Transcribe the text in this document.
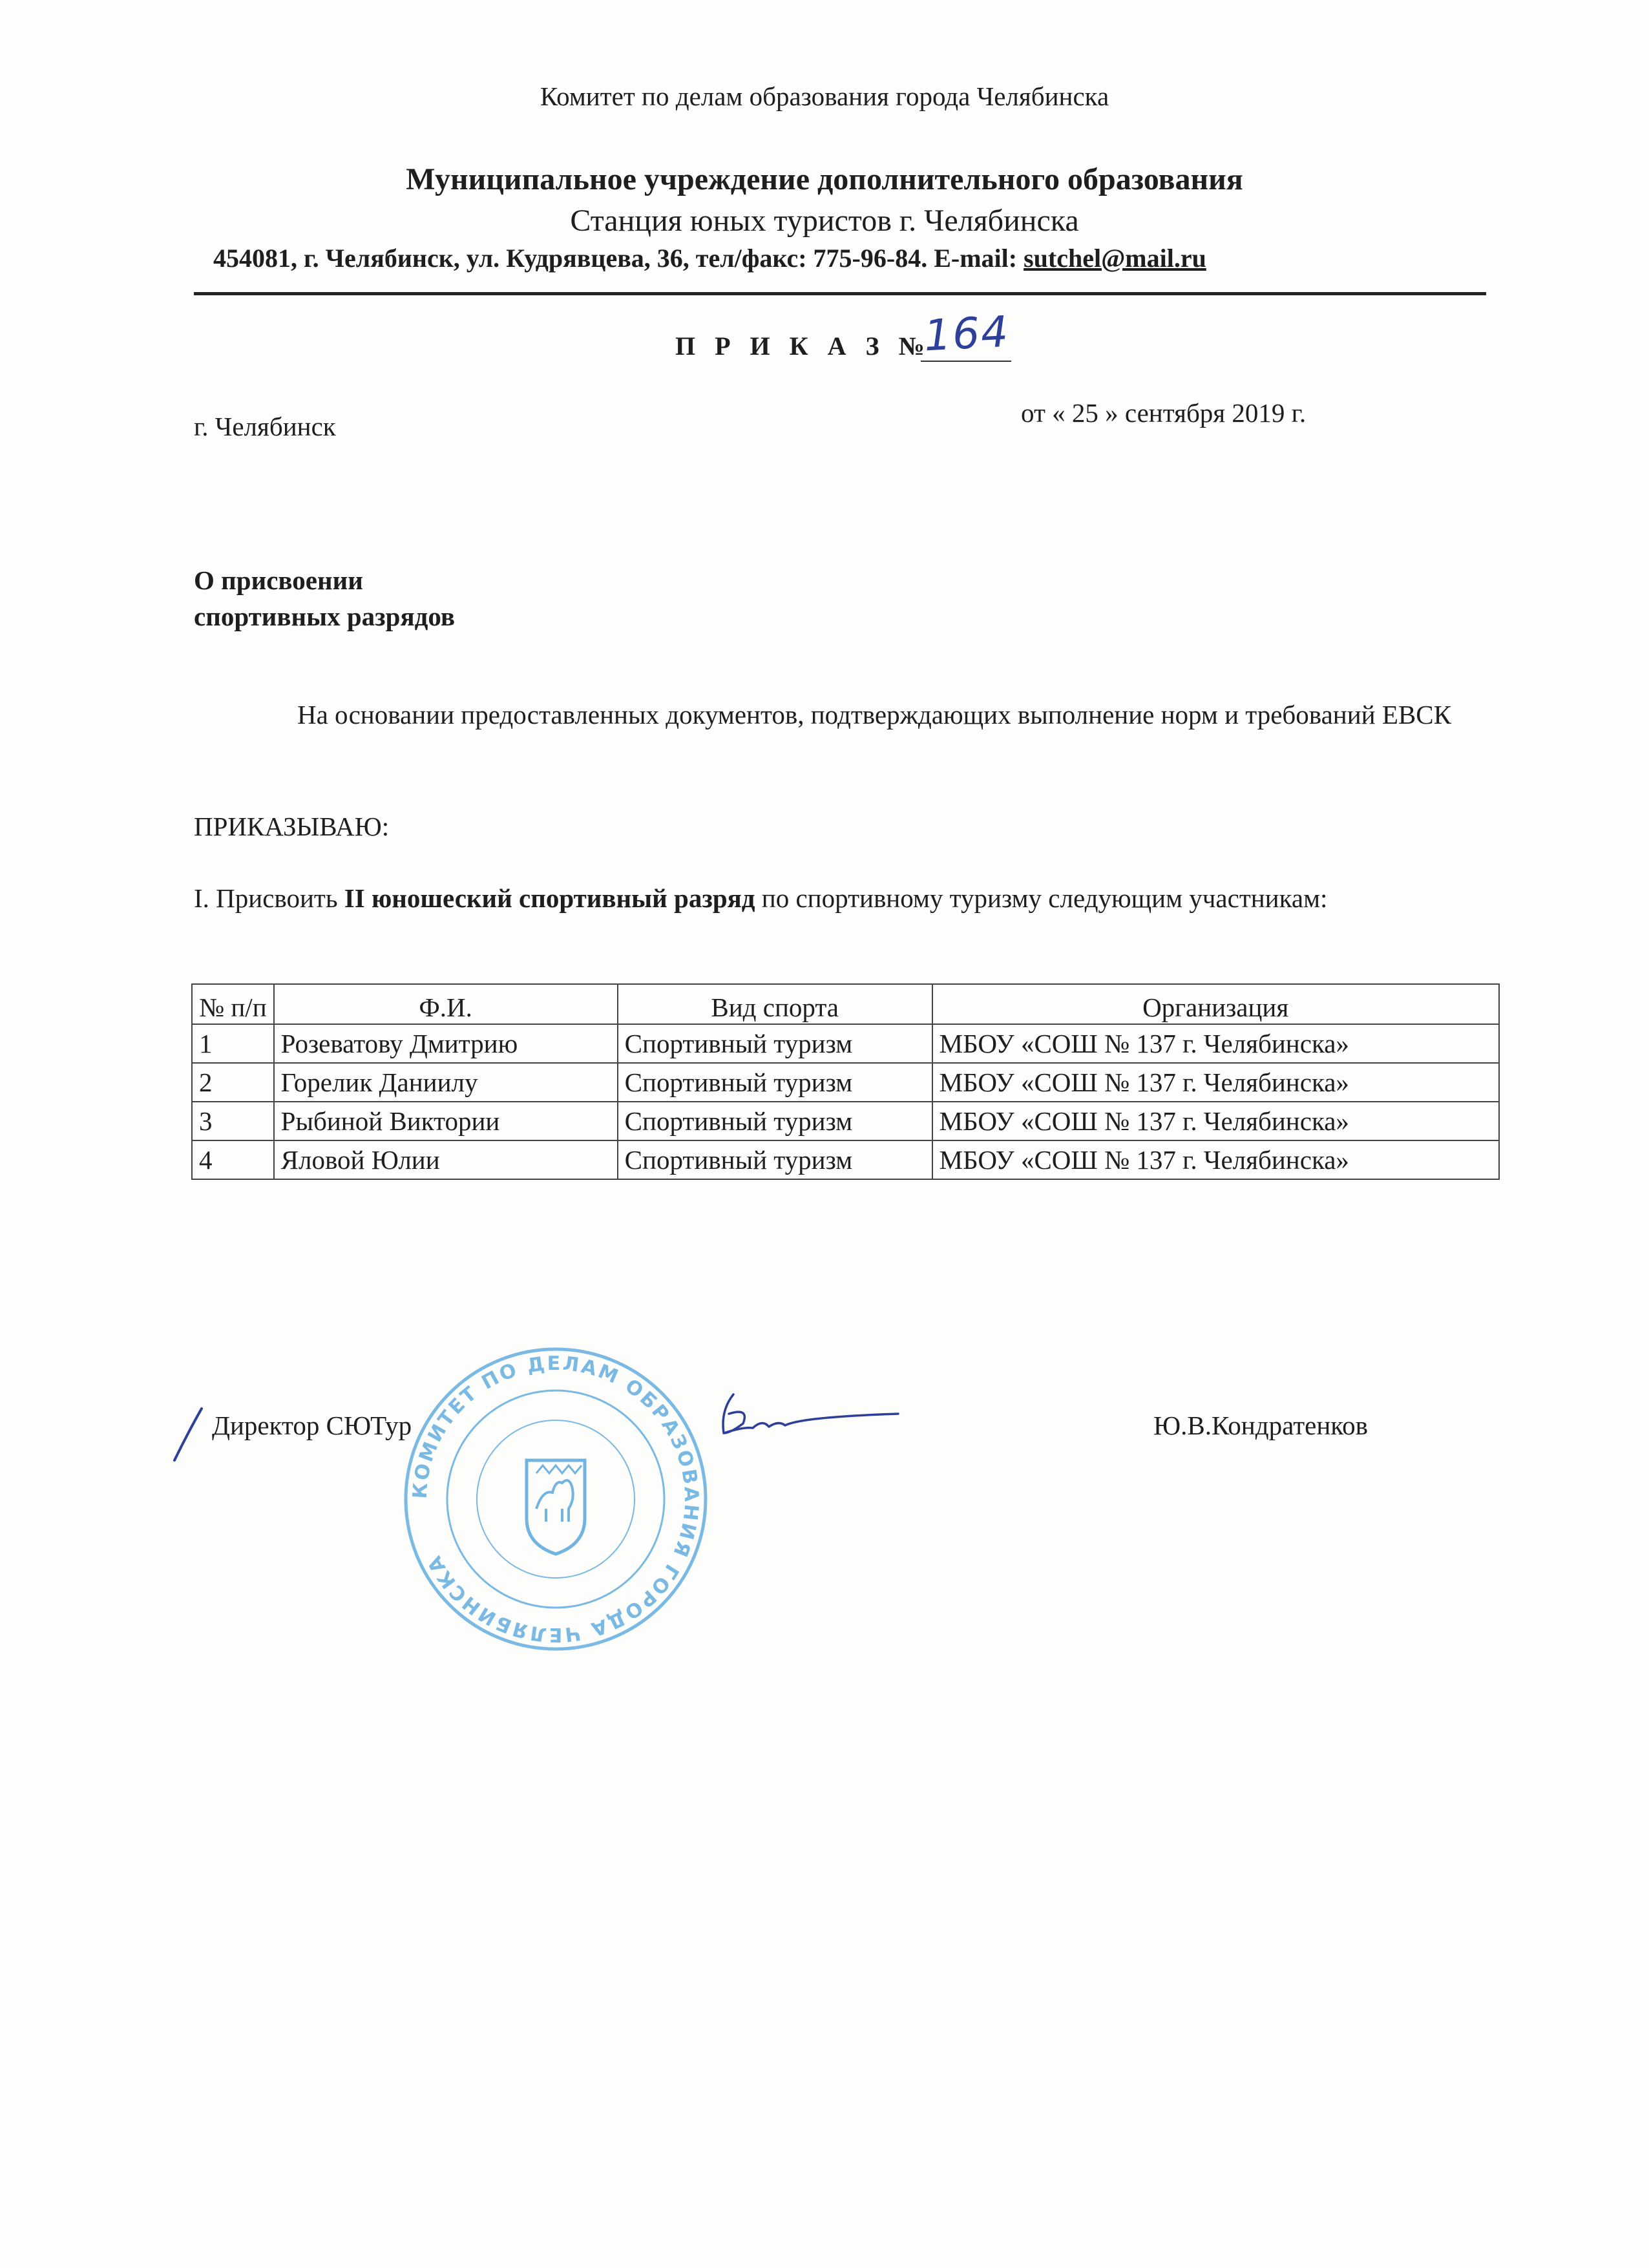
Комитет по делам образования города Челябинска
Муниципальное учреждение дополнительного образования
Станция юных туристов г. Челябинска
454081, г. Челябинск, ул. Кудрявцева, 36, тел/факс: 775-96-84. E-mail: sutchel@mail.ru
П Р И К А З №
164
г. Челябинск	от « 25 » сентября 2019 г.
О присвоении
спортивных разрядов
На основании предоставленных документов, подтверждающих выполнение норм и требований ЕВСК
ПРИКАЗЫВАЮ:
I. Присвоить II юношеский спортивный разряд по спортивному туризму следующим участникам:
№ п/п	Ф.И.	Вид спорта	Организация
1	Розеватову Дмитрию	Спортивный туризм	МБОУ «СОШ № 137 г. Челябинска»
2	Горелик Даниилу	Спортивный туризм	МБОУ «СОШ № 137 г. Челябинска»
3	Рыбиной Виктории	Спортивный туризм	МБОУ «СОШ № 137 г. Челябинска»
4	Яловой Юлии	Спортивный туризм	МБОУ «СОШ № 137 г. Челябинска»
КОМИТЕТ ПО ДЕЛАМ ОБРАЗОВАНИЯ ГОРОДА ЧЕЛЯБИНСКА
Директор СЮТур	Ю.В.Кондратенков
